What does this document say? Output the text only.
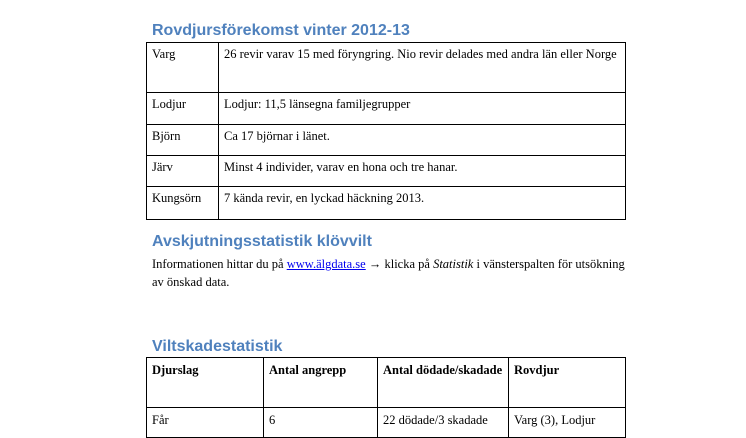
Rovdjursförekomst vinter 2012-13
Varg	26 revir varav 15 med föryngring. Nio revir delades med andra län eller Norge
Lodjur	Lodjur: 11,5 länsegna familjegrupper
Björn	Ca 17 björnar i länet.
Järv	Minst 4 individer, varav en hona och tre hanar.
Kungsörn	7 kända revir, en lyckad häckning 2013.
Avskjutningsstatistik klövvilt

Informationen hittar du på www.älgdata.se → klicka på Statistik i vänsterspalten för utsökning av önskad data.

Viltskadestatistik
Djurslag	Antal angrepp	Antal dödade/skadade	Rovdjur
Får	6	22 dödade/3 skadade	Varg (3), Lodjur
